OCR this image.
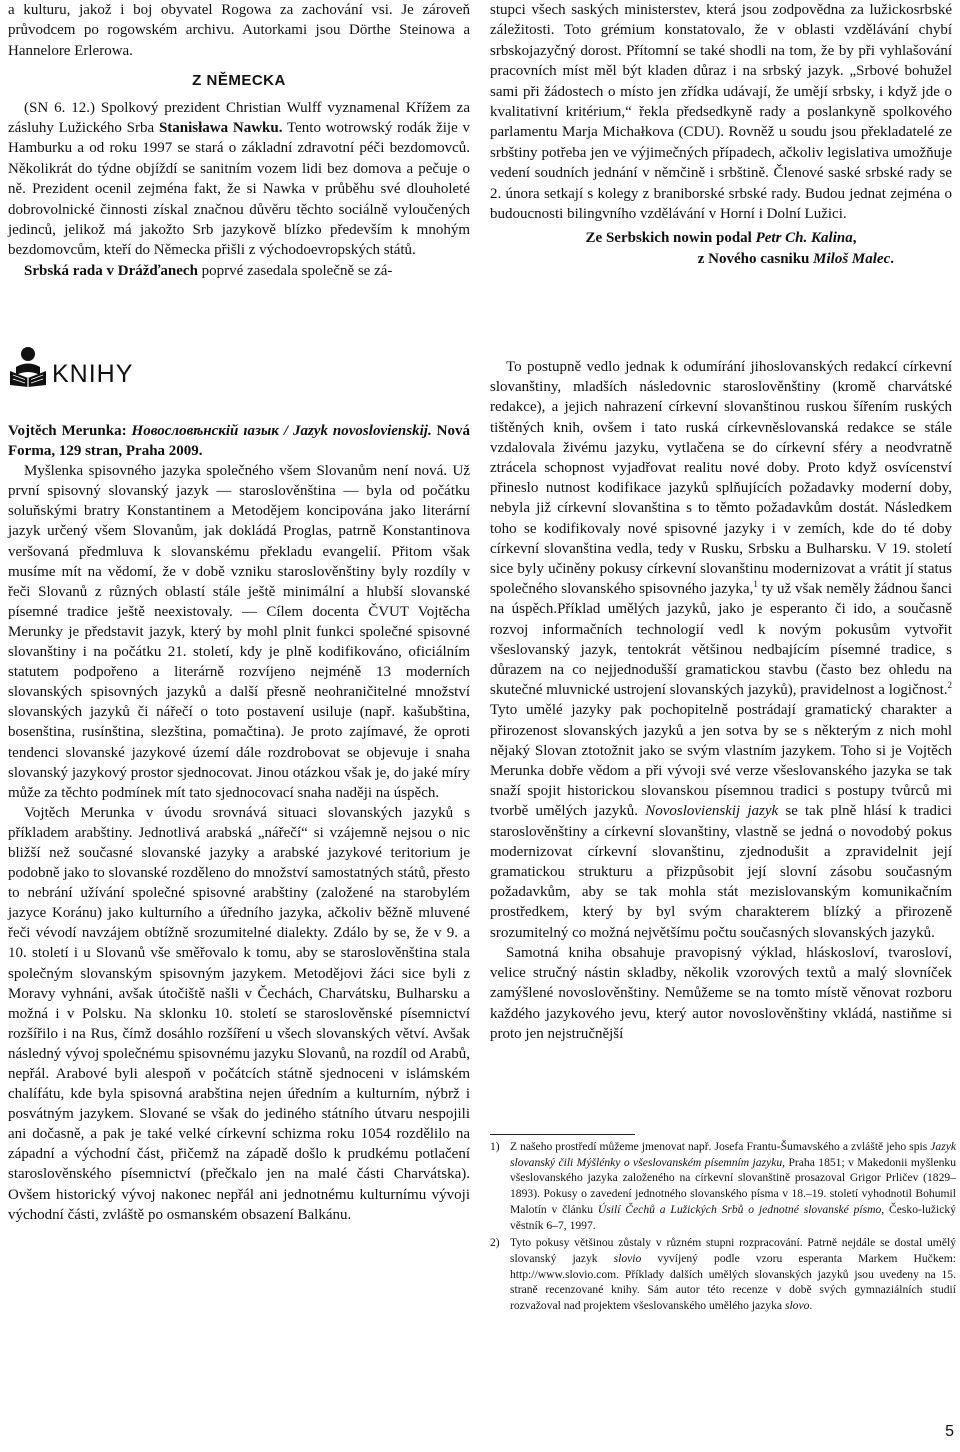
a kulturu, jakož i boj obyvatel Rogowa za zachování vsi. Je zároveň průvodcem po rogowském archivu. Autorkami jsou Dörthe Steinowa a Hannelore Erlerowa.

Z NĚMECKA

(SN 6. 12.) Spolkový prezident Christian Wulff vyznamenal Křížem za zásluhy Lužického Srba Stanisława Nawku. Tento wotrowský rodák žije v Hamburku a od roku 1997 se stará o základní zdravotní péči bezdomovců. Několikrát do týdne objíždí se sanitním vozem lidi bez domova a pečuje o ně. Prezident ocenil zejména fakt, že si Nawka v průběhu své dlouholeté dobrovolnické činnosti získal značnou důvěru těchto sociálně vyloučených jedinců, jelikož má jakožto Srb jazykově blízko především k mnohým bezdomovcům, kteří do Německa přišli z východoevropských států.

Srbská rada v Drážďanech poprvé zasedala společně se zá-

stupci všech saských ministerstev, která jsou zodpovědna za lužickosrbské záležitosti. Toto grémium konstatovalo, že v oblasti vzdělávání chybí srbskojazyčný dorost. Přítomní se také shodli na tom, že by při vyhlašování pracovních míst měl být kladen důraz i na srbský jazyk. „Srbové bohužel sami při žádostech o místo jen zřídka udávají, že umějí srbsky, i když jde o kvalitativní kritérium,“ řekla předsedkyně rady a poslankyně spolkového parlamentu Marja Michałkova (CDU). Rovněž u soudu jsou překladatelé ze srbštiny potřeba jen ve výjimečných případech, ačkoliv legislativa umožňuje vedení soudních jednání v němčině i srbštině. Členové saské srbské rady se 2. února setkají s kolegy z braniborské srbské rady. Budou jednat zejména o budoucnosti bilingvního vzdělávání v Horní i Dolní Lužici.

Ze Serbskich nowin podal Petr Ch. Kalina,

z Nového casniku Miloš Malec.

KNIHY

Vojtěch Merunka: Новословѣнскій ıазык / Jazyk novoslovienskij. Nová Forma, 129 stran, Praha 2009.

Myšlenka spisovného jazyka společného všem Slovanům není nová. Už první spisovný slovanský jazyk — staroslověnština — byla od počátku soluňskými bratry Konstantinem a Metodějem koncipována jako literární jazyk určený všem Slovanům, jak dokládá Proglas, patrně Konstantinova veršovaná předmluva k slovanskému překladu evangelií. Přitom však musíme mít na vědomí, že v době vzniku staroslověnštiny byly rozdíly v řeči Slovanů z různých oblastí stále ještě minimální a hlubší slovanské písemné tradice ještě neexistovaly. — Cílem docenta ČVUT Vojtěcha Merunky je představit jazyk, který by mohl plnit funkci společné spisovné slovanštiny i na počátku 21. století, kdy je plně kodifikováno, oficiálním statutem podpořeno a literárně rozvíjeno nejméně 13 moderních slovanských spisovných jazyků a další přesně neohraničitelné množství slovanských jazyků či nářečí o toto postavení usiluje (např. kašubština, bosenština, rusínština, slezština, pomačtina). Je proto zajímavé, že oproti tendenci slovanské jazykové území dále rozdrobovat se objevuje i snaha slovanský jazykový prostor sjednocovat. Jinou otázkou však je, do jaké míry může za těchto podmínek mít tato sjednocovací snaha naději na úspěch.

Vojtěch Merunka v úvodu srovnává situaci slovanských jazyků s příkladem arabštiny. Jednotlivá arabská „nářečí“ si vzájemně nejsou o nic bližší než současné slovanské jazyky a arabské jazykové teritorium je podobně jako to slovanské rozděleno do množství samostatných států, přesto to nebrání užívání společné spisovné arabštiny (založené na starobylém jazyce Koránu) jako kulturního a úředního jazyka, ačkoliv běžně mluvené řeči vévodí navzájem obtížně srozumitelné dialekty. Zdálo by se, že v 9. a 10. století i u Slovanů vše směřovalo k tomu, aby se staroslověnština stala společným slovanským spisovným jazykem. Metodějovi žáci sice byli z Moravy vyhnáni, avšak útočiště našli v Čechách, Charvátsku, Bulharsku a možná i v Polsku. Na sklonku 10. století se staroslověnské písemnictví rozšířilo i na Rus, čímž dosáhlo rozšíření u všech slovanských větví. Avšak následný vývoj společnému spisovnému jazyku Slovanů, na rozdíl od Arabů, nepřál. Arabové byli alespoň v počátcích státně sjednoceni v islámském chalífátu, kde byla spisovná arabština nejen úředním a kulturním, nýbrž i posvátným jazykem. Slované se však do jediného státního útvaru nespojili ani dočasně, a pak je také velké církevní schizma roku 1054 rozdělilo na západní a východní část, přičemž na západě došlo k prudkému potlačení staroslověnského písemnictví (přečkalo jen na malé části Charvátska). Ovšem historický vývoj nakonec nepřál ani jednotnému kulturnímu vývoji východní části, zvláště po osmanském obsazení Balkánu.

To postupně vedlo jednak k odumírání jihoslovanských redakcí církevní slovanštiny, mladších následovnic staroslověnštiny (kromě charvátské redakce), a jejich nahrazení církevní slovanštinou ruskou šířením ruských tištěných knih, ovšem i tato ruská církevněslovanská redakce se stále vzdalovala živému jazyku, vytlačena se do církevní sféry a neodvratně ztrácela schopnost vyjadřovat realitu nové doby. Proto když osvícenství přineslo nutnost kodifikace jazyků splňujících požadavky moderní doby, nebyla již církevní slovanština s to těmto požadavkům dostát. Následkem toho se kodifikovaly nové spisovné jazyky i v zemích, kde do té doby církevní slovanština vedla, tedy v Rusku, Srbsku a Bulharsku. V 19. století sice byly učiněny pokusy církevní slovanštinu modernizovat a vrátit jí status společného slovanského spisovného jazyka,$^1$ ty už však neměly žádnou šanci na úspěch.Příklad umělých jazyků, jako je esperanto či ido, a současně rozvoj informačních technologií vedl k novým pokusům vytvořit všeslovanský jazyk, tentokrát většinou nedbajícím písemné tradice, s důrazem na co nejjednodušší gramatickou stavbu (často bez ohledu na skutečné mluvnické ustrojení slovanských jazyků), pravidelnost a logičnost.$^2$ Tyto umělé jazyky pak pochopitelně postrádají gramatický charakter a přirozenost slovanských jazyků a jen sotva by se s některým z nich mohl nějaký Slovan ztotožnit jako se svým vlastním jazykem. Toho si je Vojtěch Merunka dobře vědom a při vývoji své verze všeslovanského jazyka se tak snaží spojit historickou slovanskou písemnou tradici s postupy tvůrců mi tvorbě umělých jazyků. Novoslovienskij jazyk se tak plně hlásí k tradici staroslověnštiny a církevní slovanštiny, vlastně se jedná o novodobý pokus modernizovat církevní slovanštinu, zjednodušit a zpravidelnit její gramatickou strukturu a přizpůsobit její slovní zásobu současným požadavkům, aby se tak mohla stát mezislovanským komunikačním prostředkem, který by byl svým charakterem blízký a přirozeně srozumitelný co možná největšímu počtu současných slovanských jazyků.

Samotná kniha obsahuje pravopisný výklad, hláskosloví, tvarosloví, velice stručný nástin skladby, několik vzorových textů a malý slovníček zamýšlené novoslověnštiny. Nemůžeme se na tomto místě věnovat rozboru každého jazykového jevu, který autor novoslověnštiny vkládá, nastiňme si proto jen nejstručnější

1) Z našeho prostředí můžeme jmenovat např. Josefa Frantu-Šumavského a zvláště jeho spis Jazyk slovanský čili Mýšlénky o všeslovanském písemním jazyku, Praha 1851; v Makedonii myšlenku všeslovanského jazyka založeného na církevní slovanštině prosazoval Grigor Prličev (1829–1893). Pokusy o zavedení jednotného slovanského písma v 18.–19. století vyhodnotil Bohumil Malotín v článku Úsilí Čechů a Lužických Srbů o jednotné slovanské písmo, Česko-lužický věstník 6–7, 1997.
2) Tyto pokusy většinou zůstaly v různém stupni rozpracování. Patrně nejdále se dostal umělý slovanský jazyk slovio vyvíjený podle vzoru esperanta Markem Hučkem: http://www.slovio.com. Příklady dalších umělých slovanských jazyků jsou uvedeny na 15. straně recenzované knihy. Sám autor této recenze v době svých gymnaziálních studií rozvažoval nad projektem všeslovanského umělého jazyka slovo.
5
